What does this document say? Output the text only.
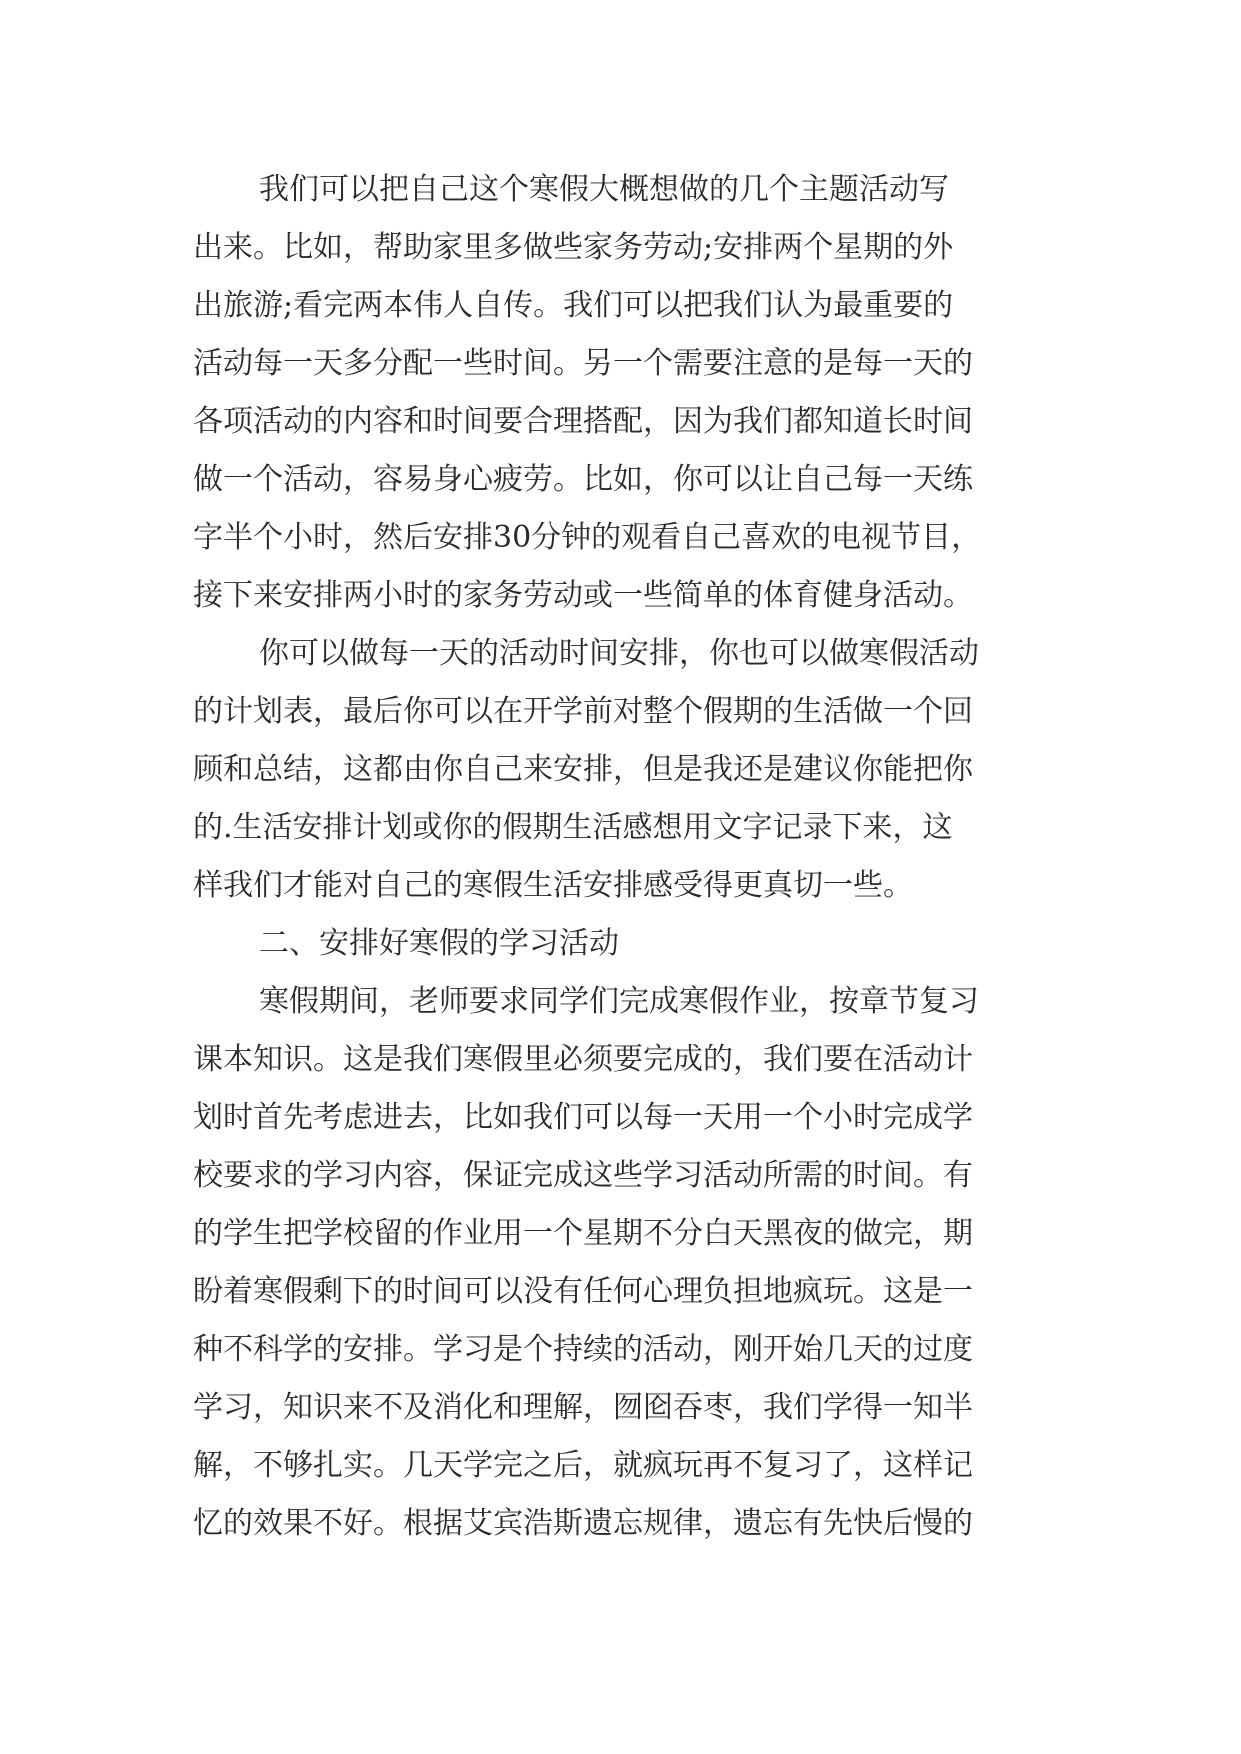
我们可以把自己这个寒假大概想做的几个主题活动写
出来。比如，帮助家里多做些家务劳动;安排两个星期的外
出旅游;看完两本伟人自传。我们可以把我们认为最重要的
活动每一天多分配一些时间。另一个需要注意的是每一天的
各项活动的内容和时间要合理搭配，因为我们都知道长时间
做一个活动，容易身心疲劳。比如，你可以让自己每一天练
字半个小时，然后安排30分钟的观看自己喜欢的电视节目，
接下来安排两小时的家务劳动或一些简单的体育健身活动。
你可以做每一天的活动时间安排，你也可以做寒假活动
的计划表，最后你可以在开学前对整个假期的生活做一个回
顾和总结，这都由你自己来安排，但是我还是建议你能把你
的.生活安排计划或你的假期生活感想用文字记录下来，这
样我们才能对自己的寒假生活安排感受得更真切一些。
二、安排好寒假的学习活动
寒假期间，老师要求同学们完成寒假作业，按章节复习
课本知识。这是我们寒假里必须要完成的，我们要在活动计
划时首先考虑进去，比如我们可以每一天用一个小时完成学
校要求的学习内容，保证完成这些学习活动所需的时间。有
的学生把学校留的作业用一个星期不分白天黑夜的做完，期
盼着寒假剩下的时间可以没有任何心理负担地疯玩。这是一
种不科学的安排。学习是个持续的活动，刚开始几天的过度
学习，知识来不及消化和理解，囫囵吞枣，我们学得一知半
解，不够扎实。几天学完之后，就疯玩再不复习了，这样记
忆的效果不好。根据艾宾浩斯遗忘规律，遗忘有先快后慢的
